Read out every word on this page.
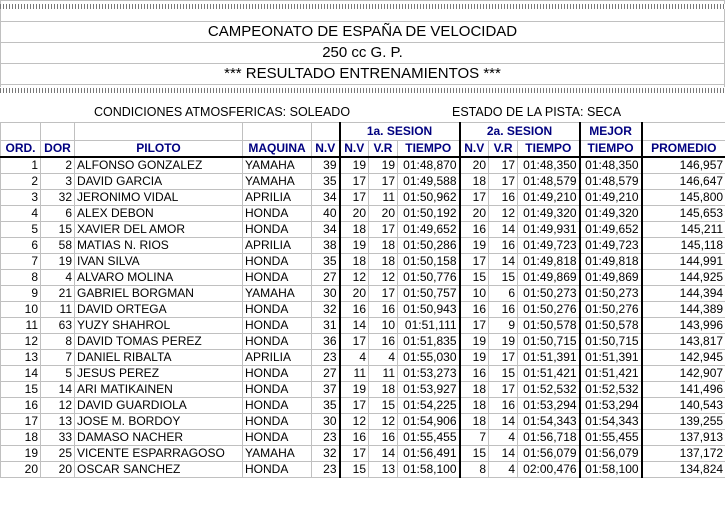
CAMPEONATO DE ESPAÑA DE VELOCIDAD
250 cc G. P.
*** RESULTADO ENTRENAMIENTOS ***
CONDICIONES ATMOSFERICAS: SOLEADO	ESTADO DE LA PISTA: SECA
					1a. SESION			2a. SESION			MEJOR	
ORD.	DOR	PILOTO	MAQUINA	N.V	N.V	V.R	TIEMPO	N.V	V.R	TIEMPO	TIEMPO	PROMEDIO
1	2	ALFONSO GONZALEZ	YAMAHA	39	19	19	01:48,870	20	17	01:48,350	01:48,350	146,957
2	3	DAVID GARCIA	YAMAHA	35	17	17	01:49,588	18	17	01:48,579	01:48,579	146,647
3	32	JERONIMO VIDAL	APRILIA	34	17	11	01:50,962	17	16	01:49,210	01:49,210	145,800
4	6	ALEX DEBON	HONDA	40	20	20	01:50,192	20	12	01:49,320	01:49,320	145,653
5	15	XAVIER DEL AMOR	HONDA	34	18	17	01:49,652	16	14	01:49,931	01:49,652	145,211
6	58	MATIAS N. RIOS	APRILIA	38	19	18	01:50,286	19	16	01:49,723	01:49,723	145,118
7	19	IVAN SILVA	HONDA	35	18	18	01:50,158	17	14	01:49,818	01:49,818	144,991
8	4	ALVARO MOLINA	HONDA	27	12	12	01:50,776	15	15	01:49,869	01:49,869	144,925
9	21	GABRIEL BORGMAN	YAMAHA	30	20	17	01:50,757	10	6	01:50,273	01:50,273	144,394
10	11	DAVID ORTEGA	HONDA	32	16	16	01:50,943	16	16	01:50,276	01:50,276	144,389
11	63	YUZY SHAHROL	HONDA	31	14	10	01:51,111	17	9	01:50,578	01:50,578	143,996
12	8	DAVID TOMAS PEREZ	HONDA	36	17	16	01:51,835	19	19	01:50,715	01:50,715	143,817
13	7	DANIEL RIBALTA	APRILIA	23	4	4	01:55,030	19	17	01:51,391	01:51,391	142,945
14	5	JESUS PEREZ	HONDA	27	11	11	01:53,273	16	15	01:51,421	01:51,421	142,907
15	14	ARI MATIKAINEN	HONDA	37	19	18	01:53,927	18	17	01:52,532	01:52,532	141,496
16	12	DAVID GUARDIOLA	HONDA	35	17	15	01:54,225	18	16	01:53,294	01:53,294	140,543
17	13	JOSE M. BORDOY	HONDA	30	12	12	01:54,906	18	14	01:54,343	01:54,343	139,255
18	33	DAMASO NACHER	HONDA	23	16	16	01:55,455	7	4	01:56,718	01:55,455	137,913
19	25	VICENTE ESPARRAGOSO	YAMAHA	32	17	14	01:56,491	15	14	01:56,079	01:56,079	137,172
20	20	OSCAR SANCHEZ	HONDA	23	15	13	01:58,100	8	4	02:00,476	01:58,100	134,824
